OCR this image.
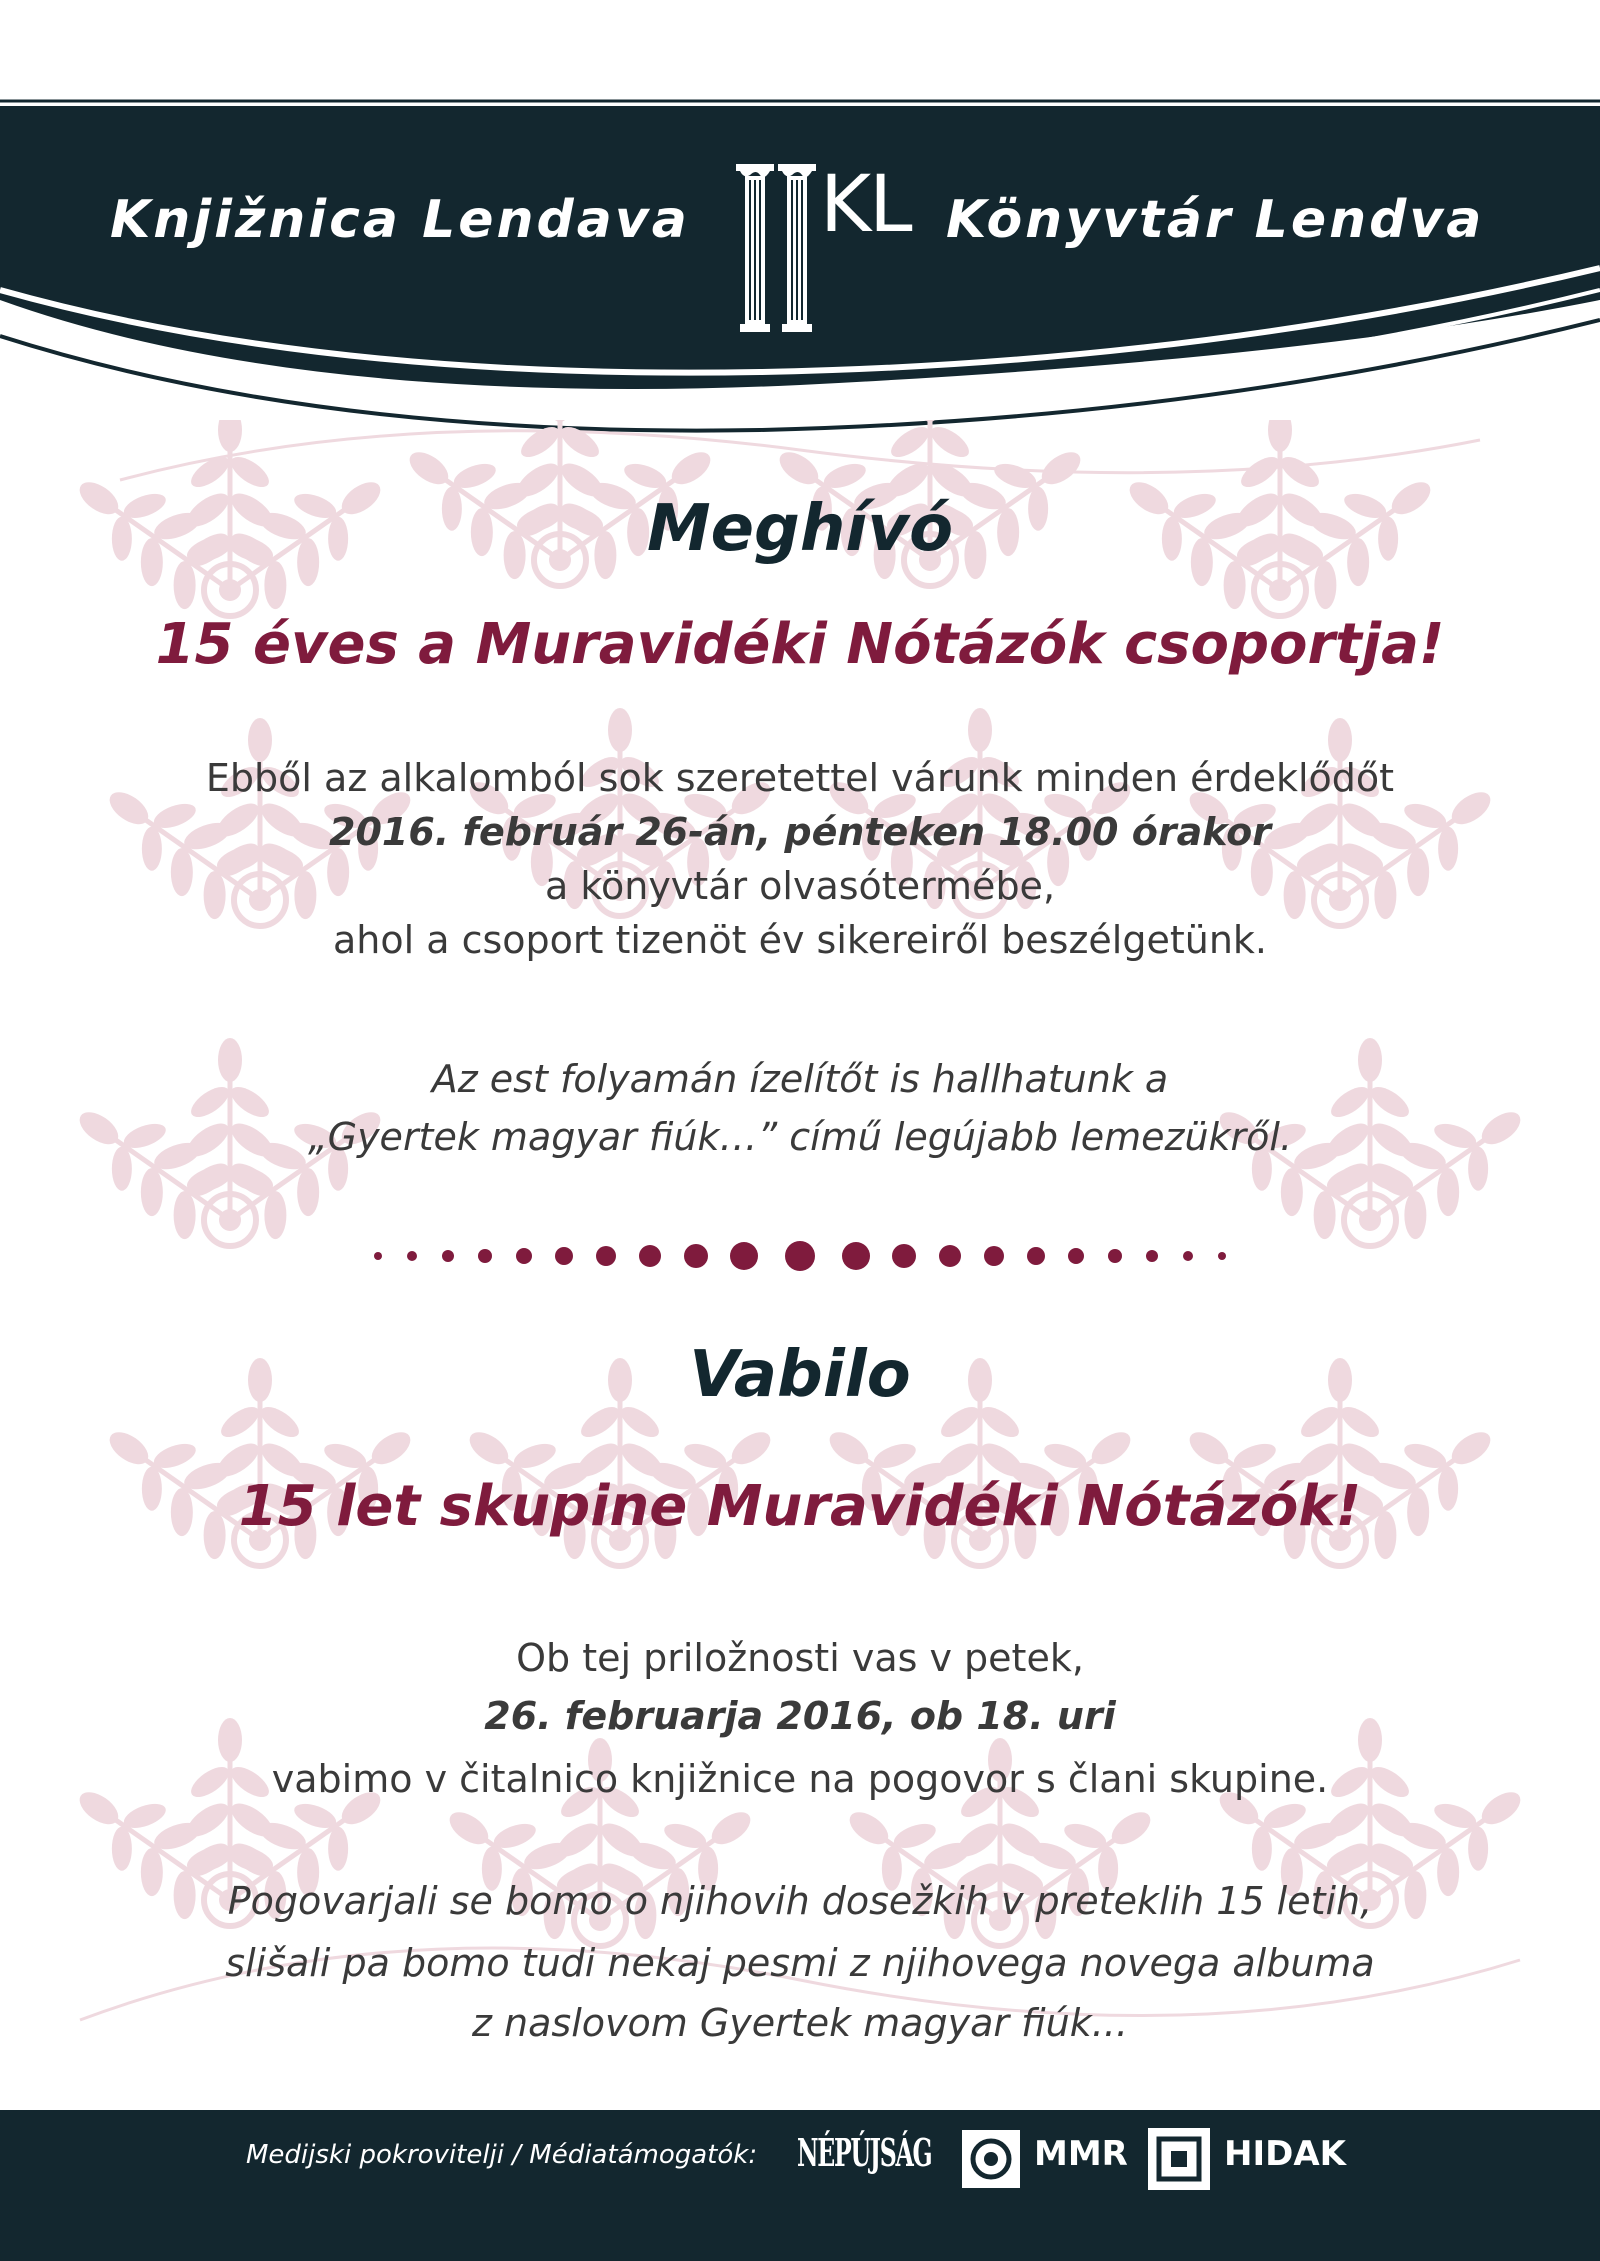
Knjižnica Lendava KL Könyvtár Lendva
Meghívó
15 éves a Muravidéki Nótázók csoportja!
Ebből az alkalomból sok szeretettel várunk minden érdeklődőt
2016. február 26-án, pénteken 18.00 órakor
a könyvtár olvasótermébe,
ahol a csoport tizenöt év sikereiről beszélgetünk.
Az est folyamán ízelítőt is hallhatunk a
„Gyertek magyar fiúk…” című legújabb lemezükről.
Vabilo
15 let skupine Muravidéki Nótázók!
Ob tej priložnosti vas v petek,
26. februarja 2016, ob 18. uri
vabimo v čitalnico knjižnice na pogovor s člani skupine.
Pogovarjali se bomo o njihovih dosežkih v preteklih 15 letih,
slišali pa bomo tudi nekaj pesmi z njihovega novega albuma
z naslovom Gyertek magyar fiúk...
Medijski pokrovitelji / Médiatámogatók: NÉPÚJSÁG	MMR	HIDAK
